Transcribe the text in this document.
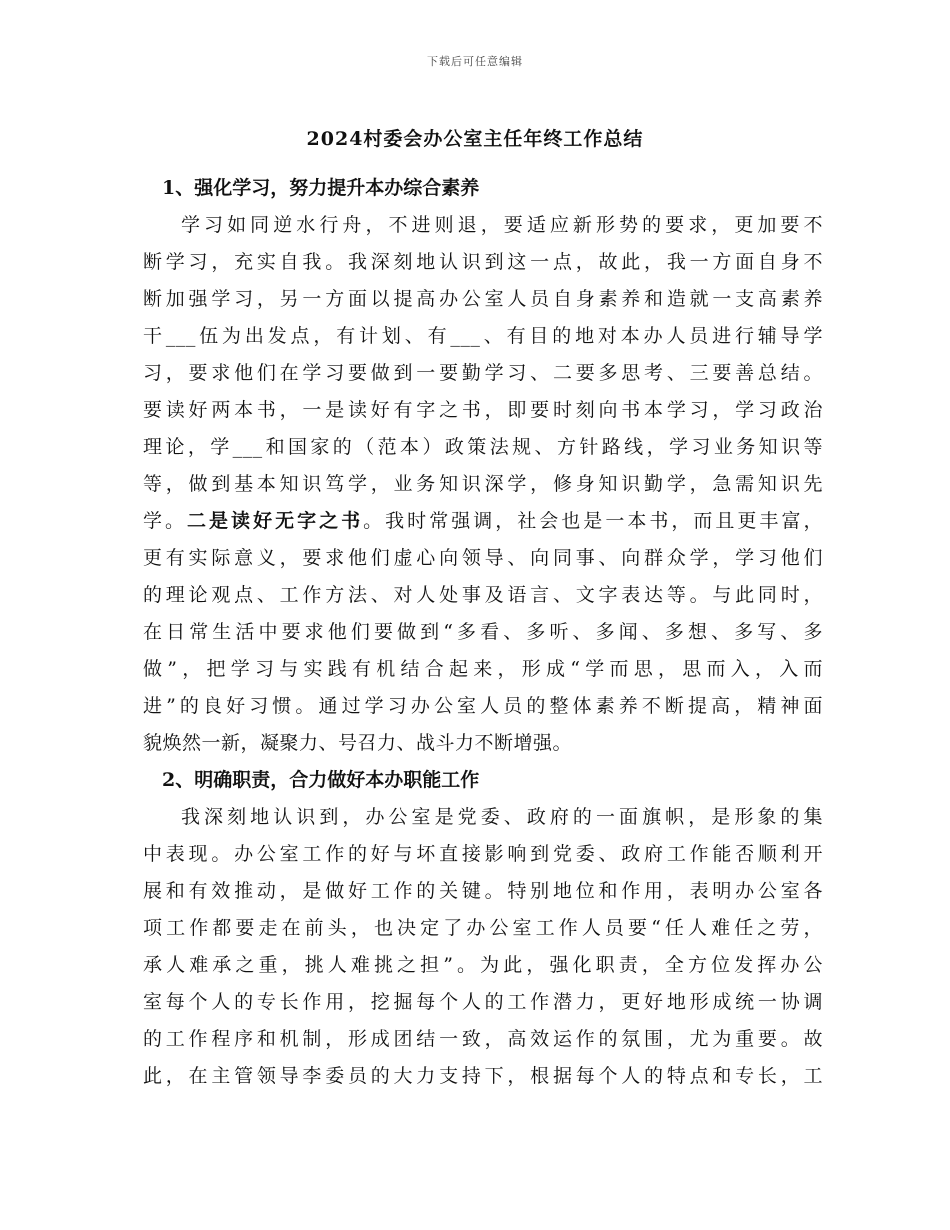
下载后可任意编辑
2024村委会办公室主任年终工作总结
1、强化学习，努力提升本办综合素养
学习如同逆水行舟，不进则退，要适应新形势的要求，更加要不
断学习，充实自我。我深刻地认识到这一点，故此，我一方面自身不
断加强学习，另一方面以提高办公室人员自身素养和造就一支高素养
干___伍为出发点，有计划、有___、有目的地对本办人员进行辅导学
习，要求他们在学习要做到一要勤学习、二要多思考、三要善总结。
要读好两本书，一是读好有字之书，即要时刻向书本学习，学习政治
理论，学___和国家的（范本）政策法规、方针路线，学习业务知识等
等，做到基本知识笃学，业务知识深学，修身知识勤学，急需知识先
学。二是读好无字之书。我时常强调，社会也是一本书，而且更丰富，
更有实际意义，要求他们虚心向领导、向同事、向群众学，学习他们
的理论观点、工作方法、对人处事及语言、文字表达等。与此同时，
在日常生活中要求他们要做到“多看、多听、多闻、多想、多写、多
做”，把学习与实践有机结合起来，形成“学而思，思而入，入而
进”的良好习惯。通过学习办公室人员的整体素养不断提高，精神面
貌焕然一新，凝聚力、号召力、战斗力不断增强。
2、明确职责，合力做好本办职能工作
我深刻地认识到，办公室是党委、政府的一面旗帜，是形象的集
中表现。办公室工作的好与坏直接影响到党委、政府工作能否顺利开
展和有效推动，是做好工作的关键。特别地位和作用，表明办公室各
项工作都要走在前头，也决定了办公室工作人员要“任人难任之劳，
承人难承之重，挑人难挑之担”。为此，强化职责，全方位发挥办公
室每个人的专长作用，挖掘每个人的工作潜力，更好地形成统一协调
的工作程序和机制，形成团结一致，高效运作的氛围，尤为重要。故
此，在主管领导李委员的大力支持下，根据每个人的特点和专长，工
